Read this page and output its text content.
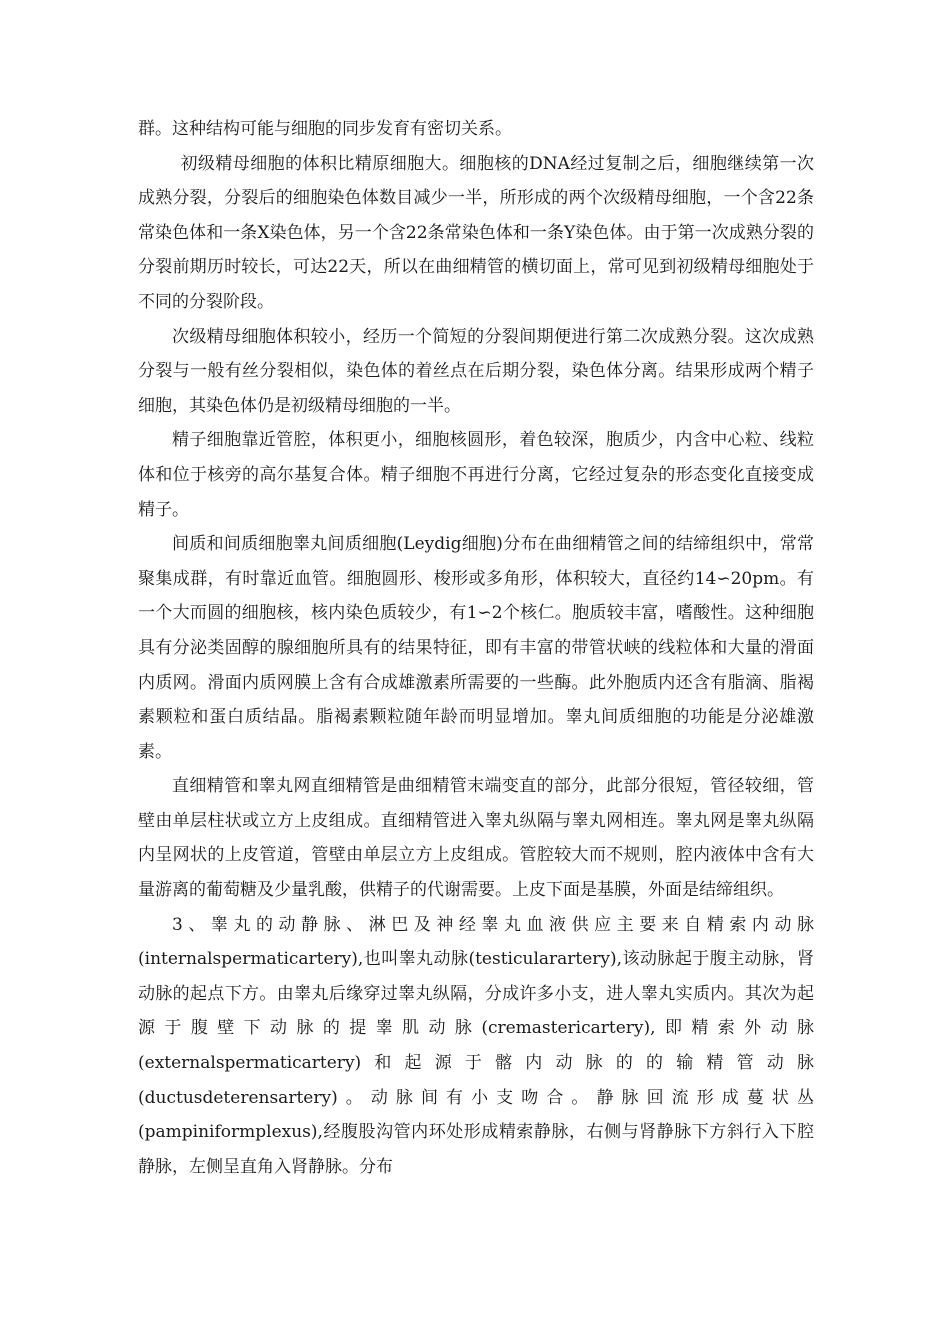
群。这种结构可能与细胞的同步发育有密切关系。

初级精母细胞的体积比精原细胞大。细胞核的DNA经过复制之后，细胞继续第一次成熟分裂，分裂后的细胞染色体数目减少一半，所形成的两个次级精母细胞，一个含22条常染色体和一条X染色体，另一个含22条常染色体和一条Y染色体。由于第一次成熟分裂的分裂前期历时较长，可达22天，所以在曲细精管的横切面上，常可见到初级精母细胞处于不同的分裂阶段。

次级精母细胞体积较小，经历一个简短的分裂间期便进行第二次成熟分裂。这次成熟分裂与一般有丝分裂相似，染色体的着丝点在后期分裂，染色体分离。结果形成两个精子细胞，其染色体仍是初级精母细胞的一半。

精子细胞靠近管腔，体积更小，细胞核圆形，着色较深，胞质少，内含中心粒、线粒体和位于核旁的高尔基复合体。精子细胞不再进行分离，它经过复杂的形态变化直接变成精子。

间质和间质细胞睾丸间质细胞(Leydig细胞)分布在曲细精管之间的结缔组织中，常常聚集成群，有时靠近血管。细胞圆形、梭形或多角形，体积较大，直径约14∽20pm。有一个大而圆的细胞核，核内染色质较少，有1∽2个核仁。胞质较丰富，嗜酸性。这种细胞具有分泌类固醇的腺细胞所具有的结果特征，即有丰富的带管状峡的线粒体和大量的滑面内质网。滑面内质网膜上含有合成雄激素所需要的一些酶。此外胞质内还含有脂滴、脂褐素颗粒和蛋白质结晶。脂褐素颗粒随年龄而明显增加。睾丸间质细胞的功能是分泌雄激素。

直细精管和睾丸网直细精管是曲细精管末端变直的部分，此部分很短，管径较细，管壁由单层柱状或立方上皮组成。直细精管进入睾丸纵隔与睾丸网相连。睾丸网是睾丸纵隔内呈网状的上皮管道，管壁由单层立方上皮组成。管腔较大而不规则，腔内液体中含有大量游离的葡萄糖及少量乳酸，供精子的代谢需要。上皮下面是基膜，外面是结缔组织。

3、睾丸的动静脉、淋巴及神经睾丸血液供应主要来自精索内动脉(internalspermaticartery),也叫睾丸动脉(testicularartery),该动脉起于腹主动脉，肾动脉的起点下方。由睾丸后缘穿过睾丸纵隔，分成许多小支，进人睾丸实质内。其次为起源于腹壁下动脉的提睾肌动脉(cremastericartery),即精索外动脉(externalspermaticartery)和起源于髂内动脉的的输精管动脉(ductusdeterensartery)。动脉间有小支吻合。静脉回流形成蔓状丛(pampiniformplexus),经腹股沟管内环处形成精索静脉，右侧与肾静脉下方斜行入下腔静脉，左侧呈直角入肾静脉。分布
